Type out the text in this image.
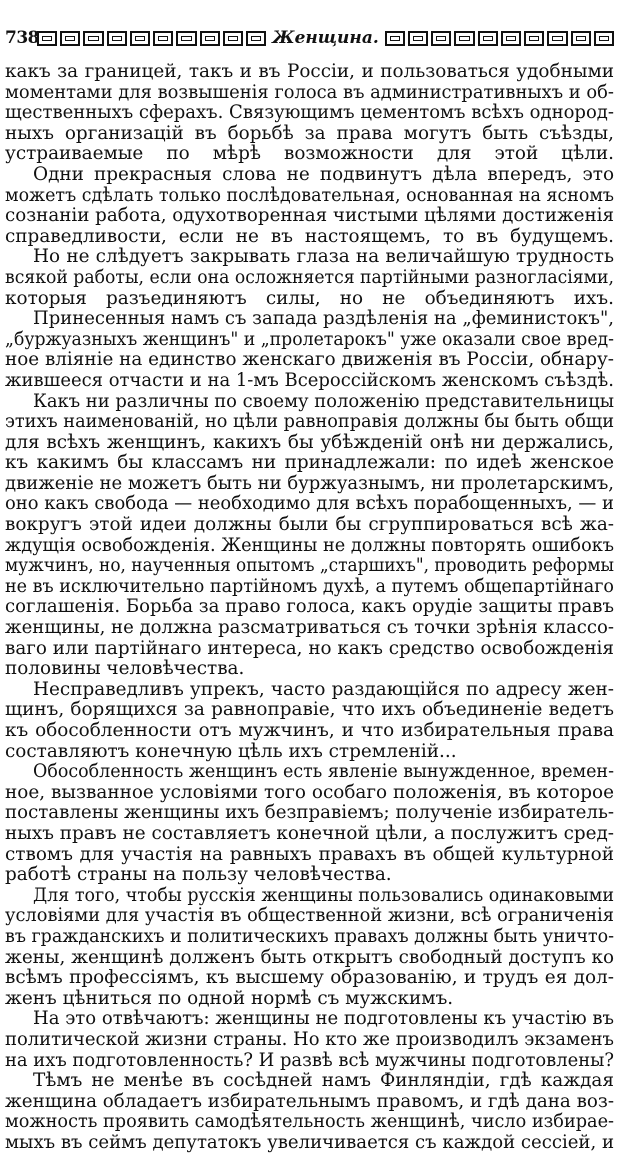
738	Женщина.
какъ за границей, такъ и въ Россіи, и пользоваться удобными
моментами для возвышенія голоса въ административныхъ и об-
щественныхъ сферахъ. Связующимъ цементомъ всѣхъ однород-
ныхъ организацій въ борьбѣ за права могутъ быть съѣзды,
устраиваемые по мѣрѣ возможности для этой цѣли.
Одни прекрасныя слова не подвинутъ дѣла впередъ, это
можетъ сдѣлать только послѣдовательная, основанная на ясномъ
сознаніи работа, одухотворенная чистыми цѣлями достиженія
справедливости, если не въ настоящемъ, то въ будущемъ.
Но не слѣдуетъ закрывать глаза на величайшую трудность
всякой работы, если она осложняется партійными разногласіями,
которыя разъединяютъ силы, но не объединяютъ ихъ.
Принесенныя намъ съ запада раздѣленія на „феминистокъ",
„буржуазныхъ женщинъ" и „пролетарокъ" уже оказали свое вред-
ное вліяніе на единство женскаго движенія въ Россіи, обнару-
жившееся отчасти и на 1-мъ Всероссійскомъ женскомъ съѣздѣ.
Какъ ни различны по своему положенію представительницы
этихъ наименованій, но цѣли равноправія должны бы быть общи
для всѣхъ женщинъ, какихъ бы убѣжденій онѣ ни держались,
къ какимъ бы классамъ ни принадлежали: по идеѣ женское
движеніе не можетъ быть ни буржуазнымъ, ни пролетарскимъ,
оно какъ свобода — необходимо для всѣхъ порабощенныхъ, — и
вокругъ этой идеи должны были бы сгруппироваться всѣ жа-
ждущія освобожденія. Женщины не должны повторять ошибокъ
мужчинъ, но, наученныя опытомъ „старшихъ", проводить реформы
не въ исключительно партійномъ духѣ, а путемъ общепартійнаго
соглашенія. Борьба за право голоса, какъ орудіе защиты правъ
женщины, не должна разсматриваться съ точки зрѣнія классо-
ваго или партійнаго интереса, но какъ средство освобожденія
половины человѣчества.
Несправедливъ упрекъ, часто раздающійся по адресу жен-
щинъ, борящихся за равноправіе, что ихъ объединеніе ведетъ
къ обособленности отъ мужчинъ, и что избирательныя права
составляютъ конечную цѣль ихъ стремленій...
Обособленность женщинъ есть явленіе вынужденное, времен-
ное, вызванное условіями того особаго положенія, въ которое
поставлены женщины ихъ безправіемъ; полученіе избиратель-
ныхъ правъ не составляетъ конечной цѣли, а послужитъ сред-
ствомъ для участія на равныхъ правахъ въ общей культурной
работѣ страны на пользу человѣчества.
Для того, чтобы русскія женщины пользовались одинаковыми
условіями для участія въ общественной жизни, всѣ ограниченія
въ гражданскихъ и политическихъ правахъ должны быть уничто-
жены, женщинѣ долженъ быть открытъ свободный доступъ ко
всѣмъ профессіямъ, къ высшему образованію, и трудъ ея дол-
женъ цѣниться по одной нормѣ съ мужскимъ.
На это отвѣчаютъ: женщины не подготовлены къ участію въ
политической жизни страны. Но кто же производилъ экзаменъ
на ихъ подготовленность? И развѣ всѣ мужчины подготовлены?
Тѣмъ не менѣе въ сосѣдней намъ Финляндіи, гдѣ каждая
женщина обладаетъ избирательнымъ правомъ, и гдѣ дана воз-
можность проявить самодѣятельность женщинѣ, число избирае-
мыхъ въ сеймъ депутатокъ увеличивается съ каждой сессіей, и
